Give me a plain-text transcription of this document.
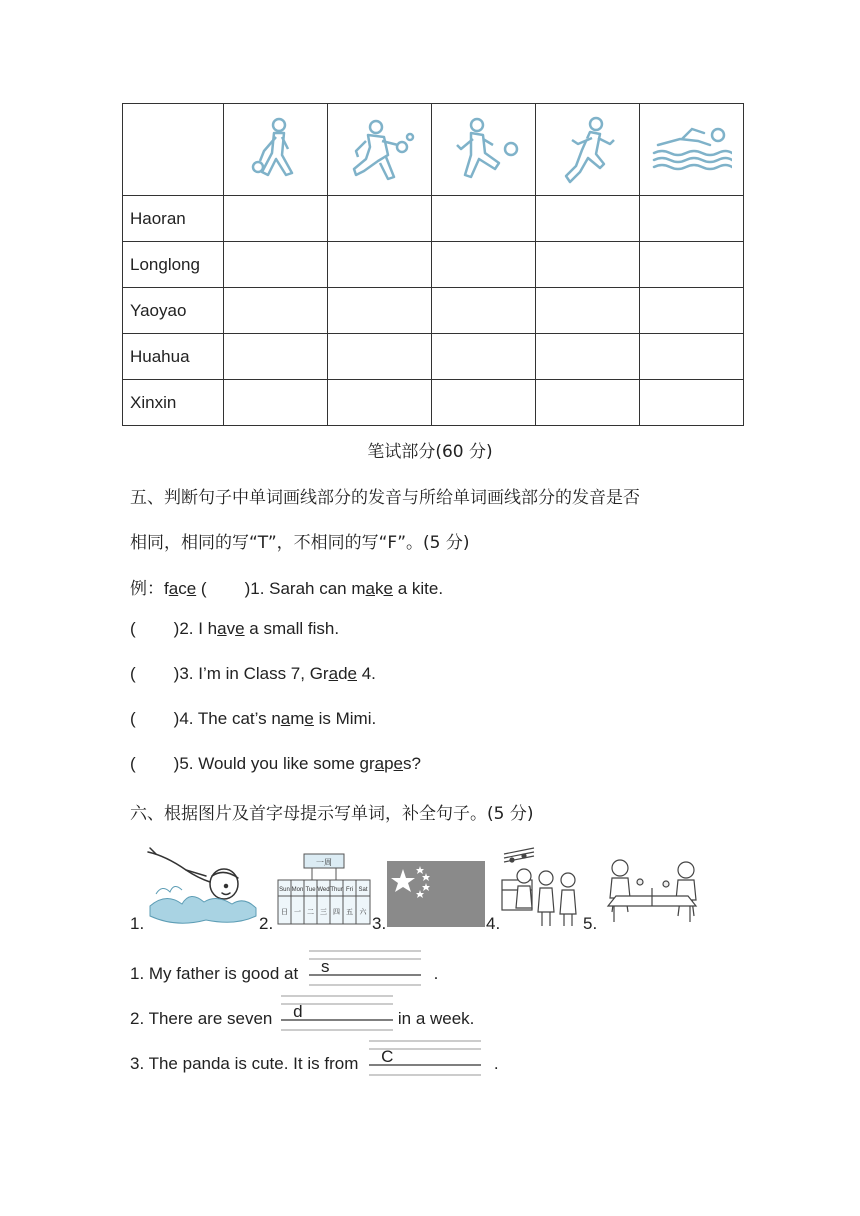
Haoran					
Longlong					
Yaoyao					
Huahua					
Xinxin					
笔试部分(60 分)
五、判断句子中单词画线部分的发音与所给单词画线部分的发音是否
相同，相同的写“T”，不相同的写“F”。(5 分)
例：face ( )1. Sarah can make a kite.
( )2. I have a small fish.
( )3. I’m in Class 7, Grade 4.
( )4. The cat’s name is Mimi.
( )5. Would you like some grapes?
六、根据图片及首字母提示写单词，补全句子。(5 分)
一周
Sun Mon Tue Wed Thur Fri Sat
日 一 二 三 四 五 六
1.	2.	3.	4.	5.
1. My father is good at s	.
2. There are seven d	in a week.
3. The panda is cute. It is from C	.
